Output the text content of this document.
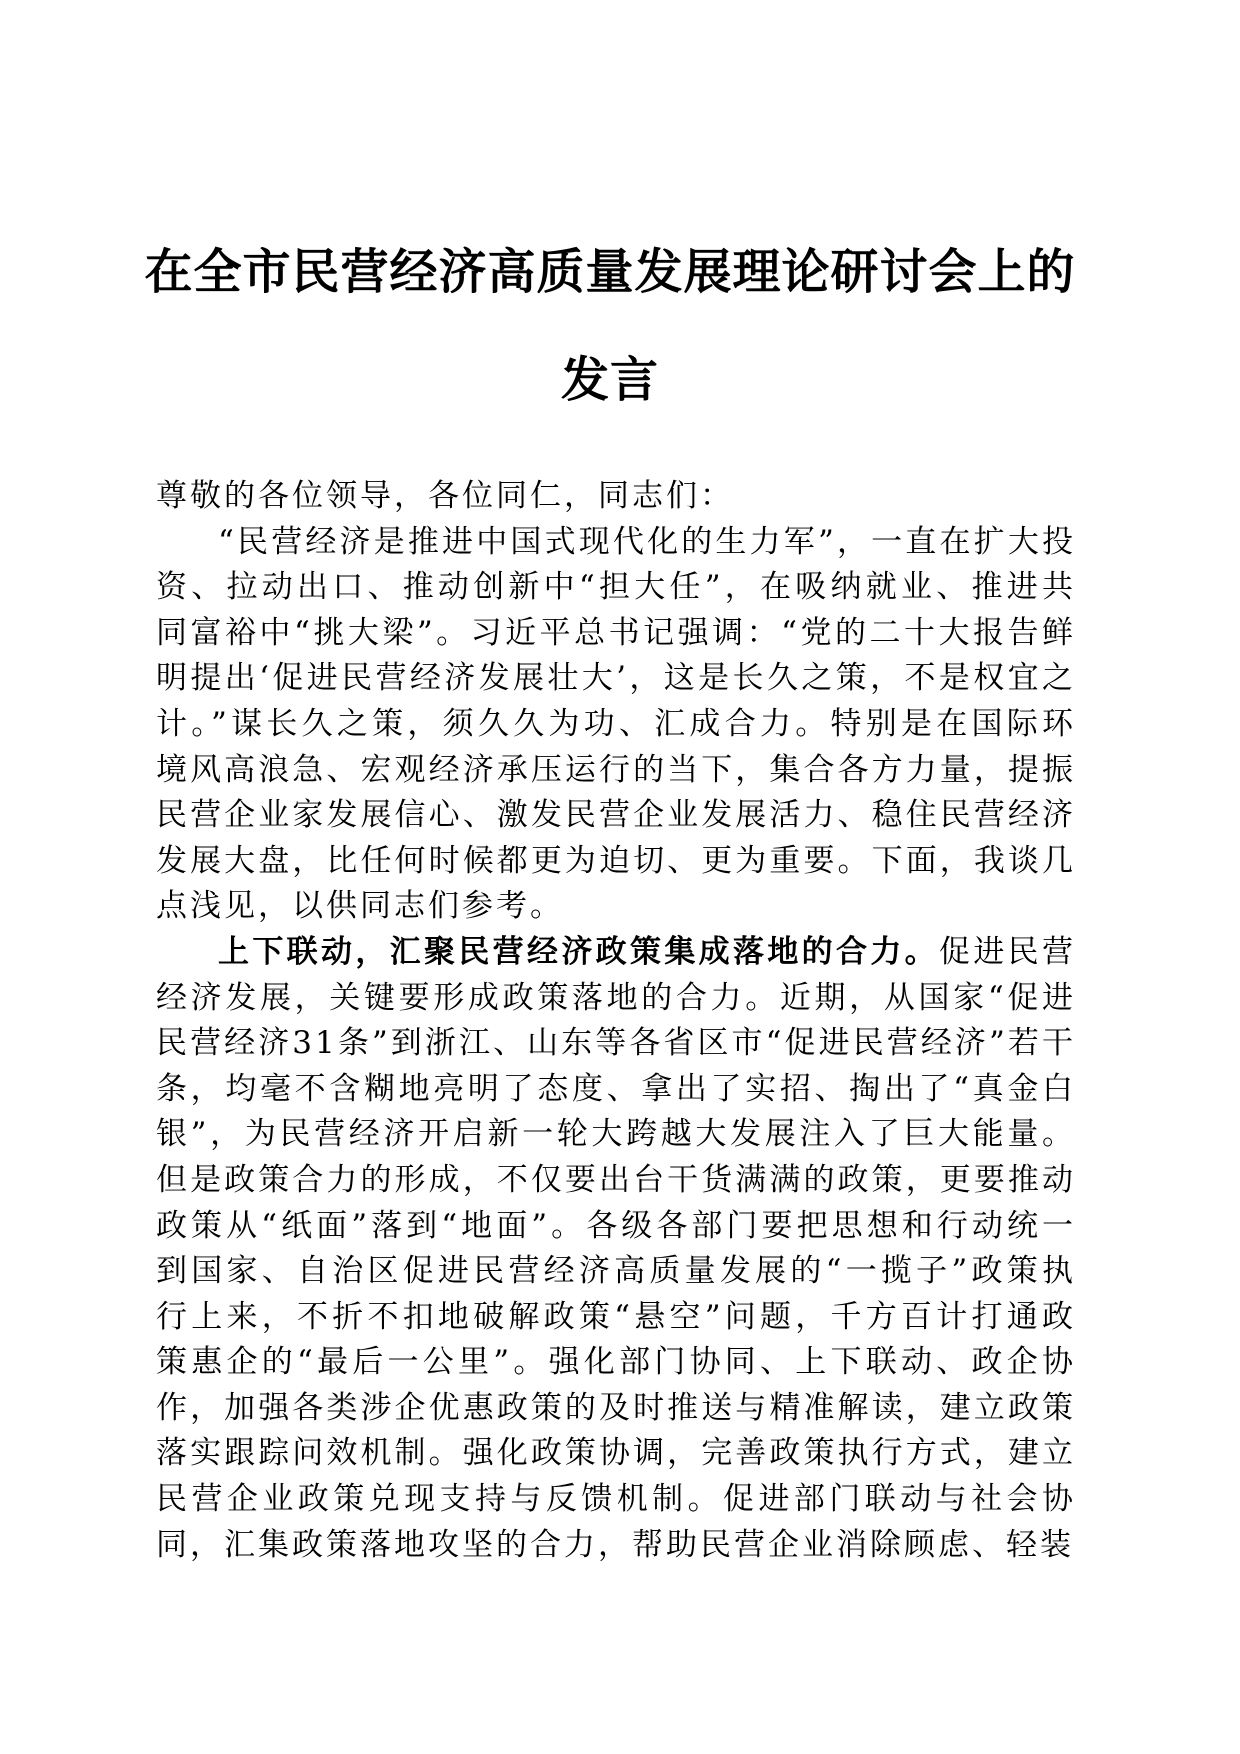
在全市民营经济高质量发展理论研讨会上的发言

尊敬的各位领导，各位同仁，同志们：

“民营经济是推进中国式现代化的生力军”，一直在扩大投资、拉动出口、推动创新中“担大任”，在吸纳就业、推进共同富裕中“挑大梁”。习近平总书记强调：“党的二十大报告鲜明提出‘促进民营经济发展壮大’，这是长久之策，不是权宜之计。”谋长久之策，须久久为功、汇成合力。特别是在国际环境风高浪急、宏观经济承压运行的当下，集合各方力量，提振民营企业家发展信心、激发民营企业发展活力、稳住民营经济发展大盘，比任何时候都更为迫切、更为重要。下面，我谈几点浅见，以供同志们参考。

上下联动，汇聚民营经济政策集成落地的合力。促进民营经济发展，关键要形成政策落地的合力。近期，从国家“促进民营经济31条”到浙江、山东等各省区市“促进民营经济”若干条，均毫不含糊地亮明了态度、拿出了实招、掏出了“真金白银”，为民营经济开启新一轮大跨越大发展注入了巨大能量。但是政策合力的形成，不仅要出台干货满满的政策，更要推动政策从“纸面”落到“地面”。各级各部门要把思想和行动统一到国家、自治区促进民营经济高质量发展的“一揽子”政策执行上来，不折不扣地破解政策“悬空”问题，千方百计打通政策惠企的“最后一公里”。强化部门协同、上下联动、政企协作，加强各类涉企优惠政策的及时推送与精准解读，建立政策落实跟踪问效机制。强化政策协调，完善政策执行方式，建立民营企业政策兑现支持与反馈机制。促进部门联动与社会协同，汇集政策落地攻坚的合力，帮助民营企业消除顾虑、轻装
